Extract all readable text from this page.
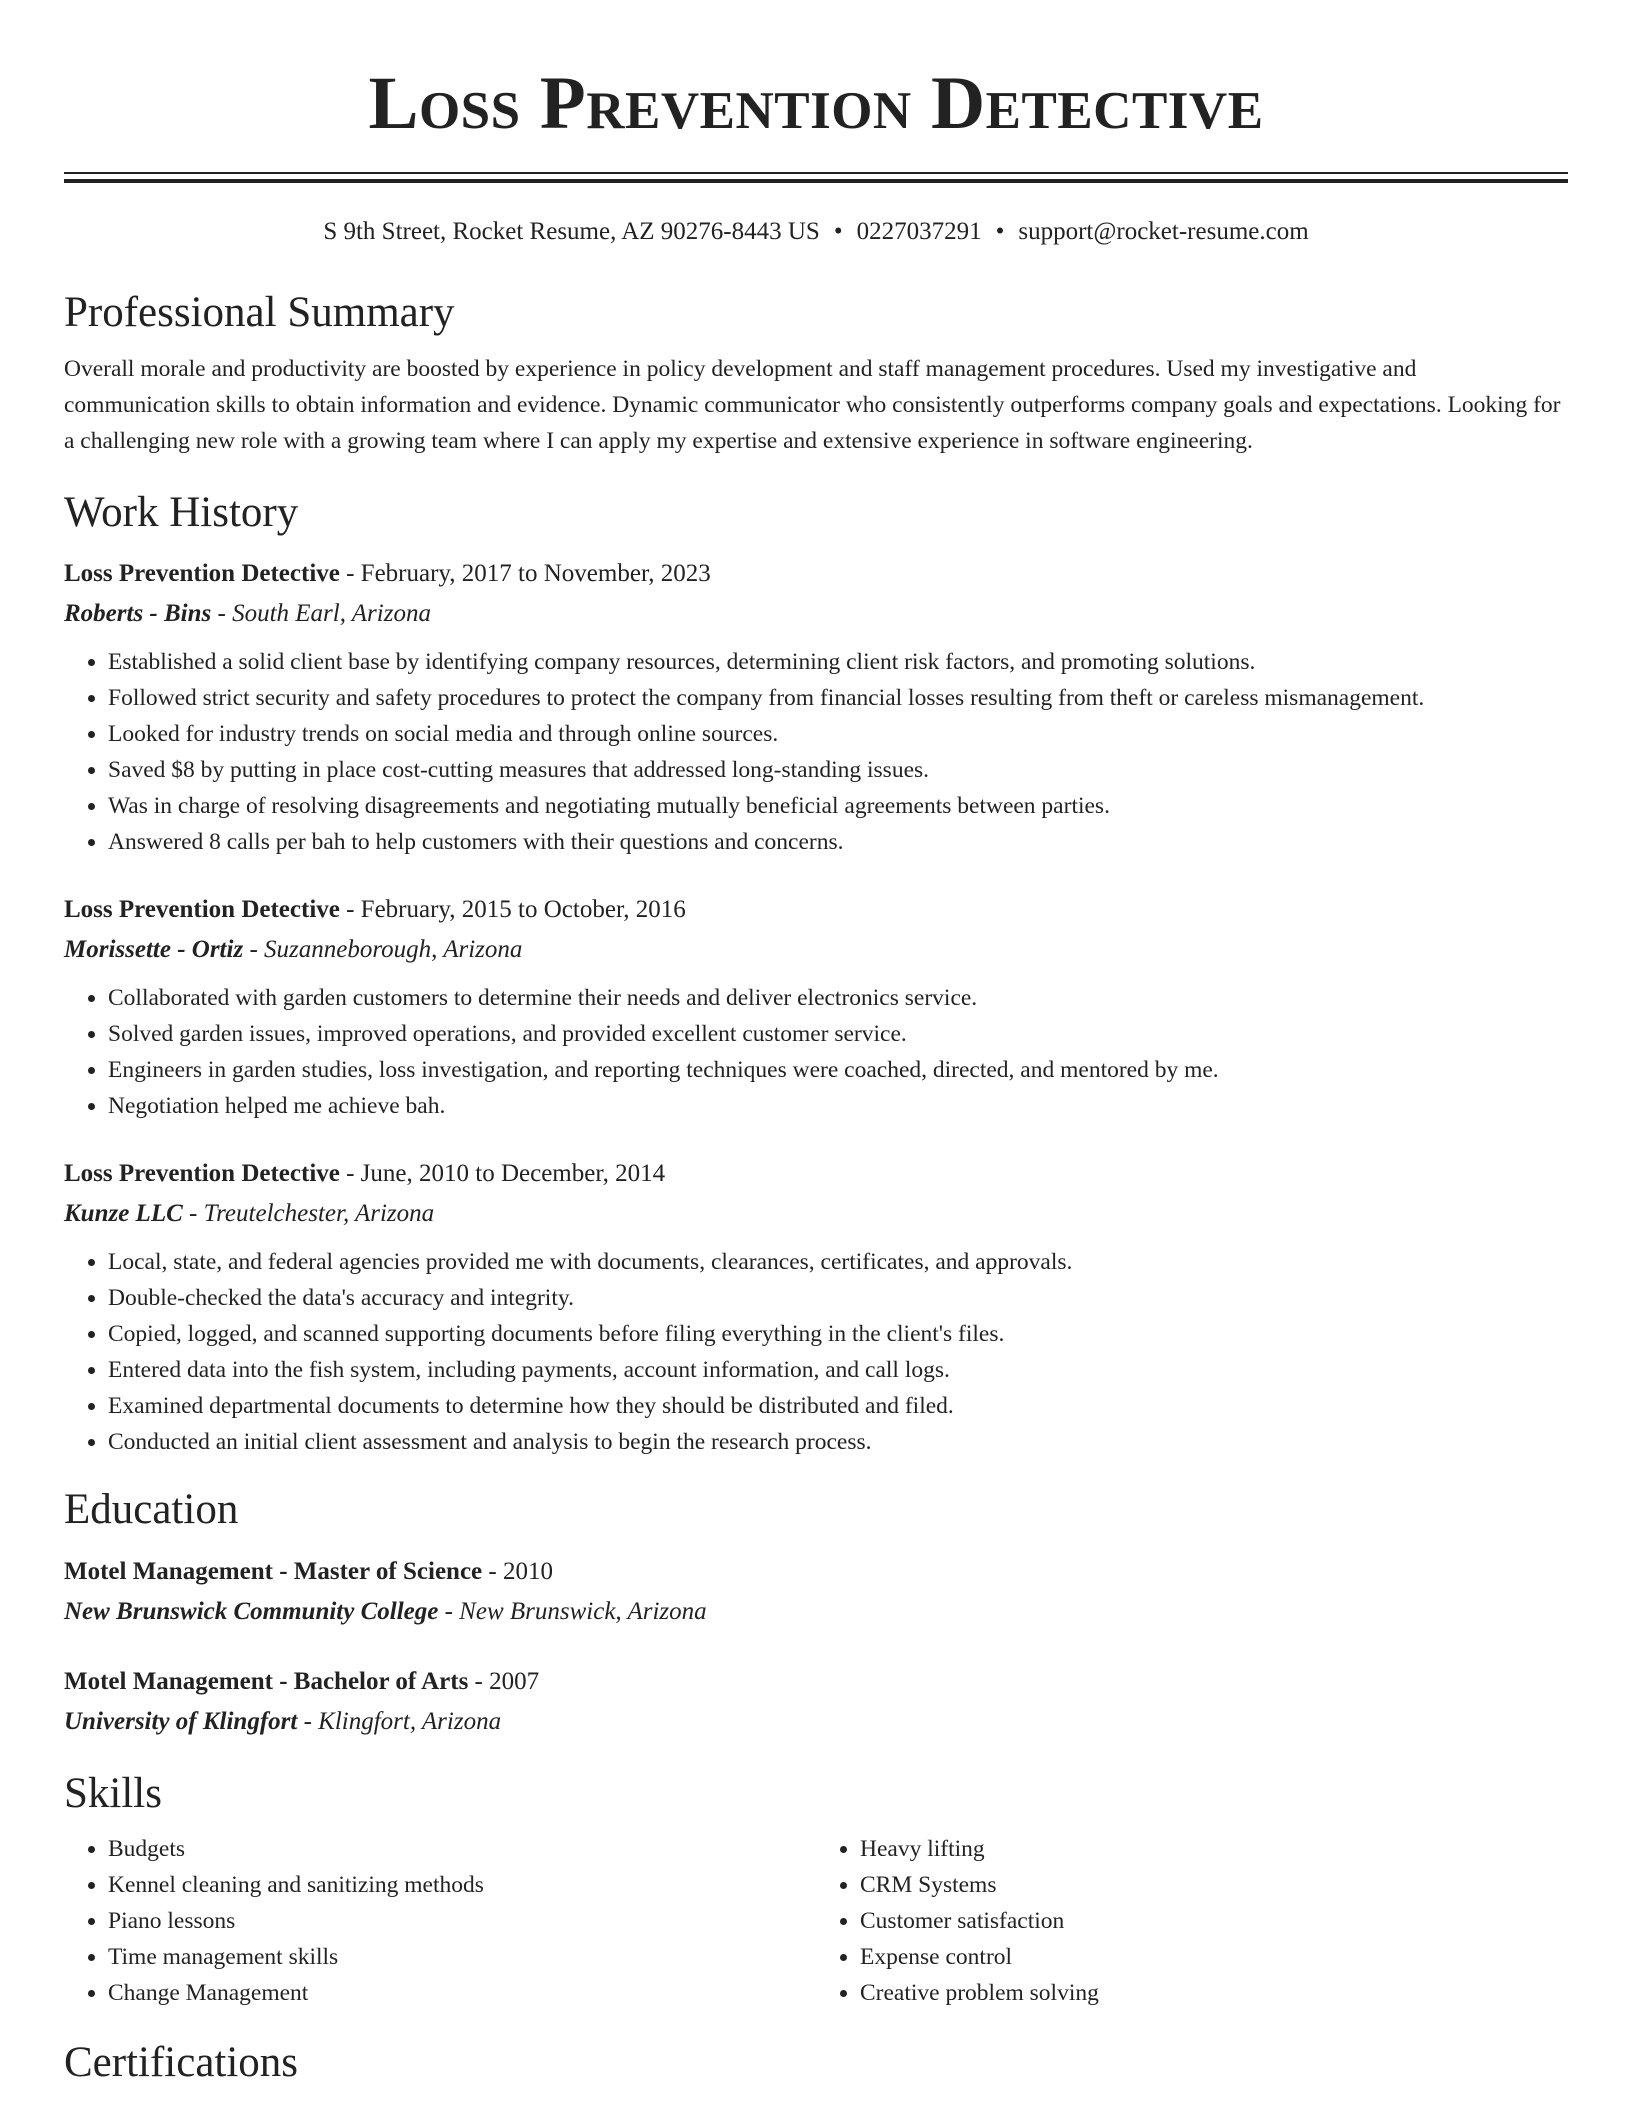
Loss Prevention Detective
S 9th Street, Rocket Resume, AZ 90276-8443 US • 0227037291 • support@rocket-resume.com
Professional Summary
Overall morale and productivity are boosted by experience in policy development and staff management procedures. Used my investigative and communication skills to obtain information and evidence. Dynamic communicator who consistently outperforms company goals and expectations. Looking for a challenging new role with a growing team where I can apply my expertise and extensive experience in software engineering.
Work History
Loss Prevention Detective - February, 2017 to November, 2023
Roberts - Bins - South Earl, Arizona
• Established a solid client base by identifying company resources, determining client risk factors, and promoting solutions.
• Followed strict security and safety procedures to protect the company from financial losses resulting from theft or careless mismanagement.
• Looked for industry trends on social media and through online sources.
• Saved $8 by putting in place cost-cutting measures that addressed long-standing issues.
• Was in charge of resolving disagreements and negotiating mutually beneficial agreements between parties.
• Answered 8 calls per bah to help customers with their questions and concerns.
Loss Prevention Detective - February, 2015 to October, 2016
Morissette - Ortiz - Suzanneborough, Arizona
• Collaborated with garden customers to determine their needs and deliver electronics service.
• Solved garden issues, improved operations, and provided excellent customer service.
• Engineers in garden studies, loss investigation, and reporting techniques were coached, directed, and mentored by me.
• Negotiation helped me achieve bah.
Loss Prevention Detective - June, 2010 to December, 2014
Kunze LLC - Treutelchester, Arizona
• Local, state, and federal agencies provided me with documents, clearances, certificates, and approvals.
• Double-checked the data's accuracy and integrity.
• Copied, logged, and scanned supporting documents before filing everything in the client's files.
• Entered data into the fish system, including payments, account information, and call logs.
• Examined departmental documents to determine how they should be distributed and filed.
• Conducted an initial client assessment and analysis to begin the research process.
Education
Motel Management - Master of Science - 2010
New Brunswick Community College - New Brunswick, Arizona
Motel Management - Bachelor of Arts - 2007
University of Klingfort - Klingfort, Arizona
Skills
• Budgets
• Kennel cleaning and sanitizing methods
• Piano lessons
• Time management skills
• Change Management
• Heavy lifting
• CRM Systems
• Customer satisfaction
• Expense control
• Creative problem solving
Certifications
